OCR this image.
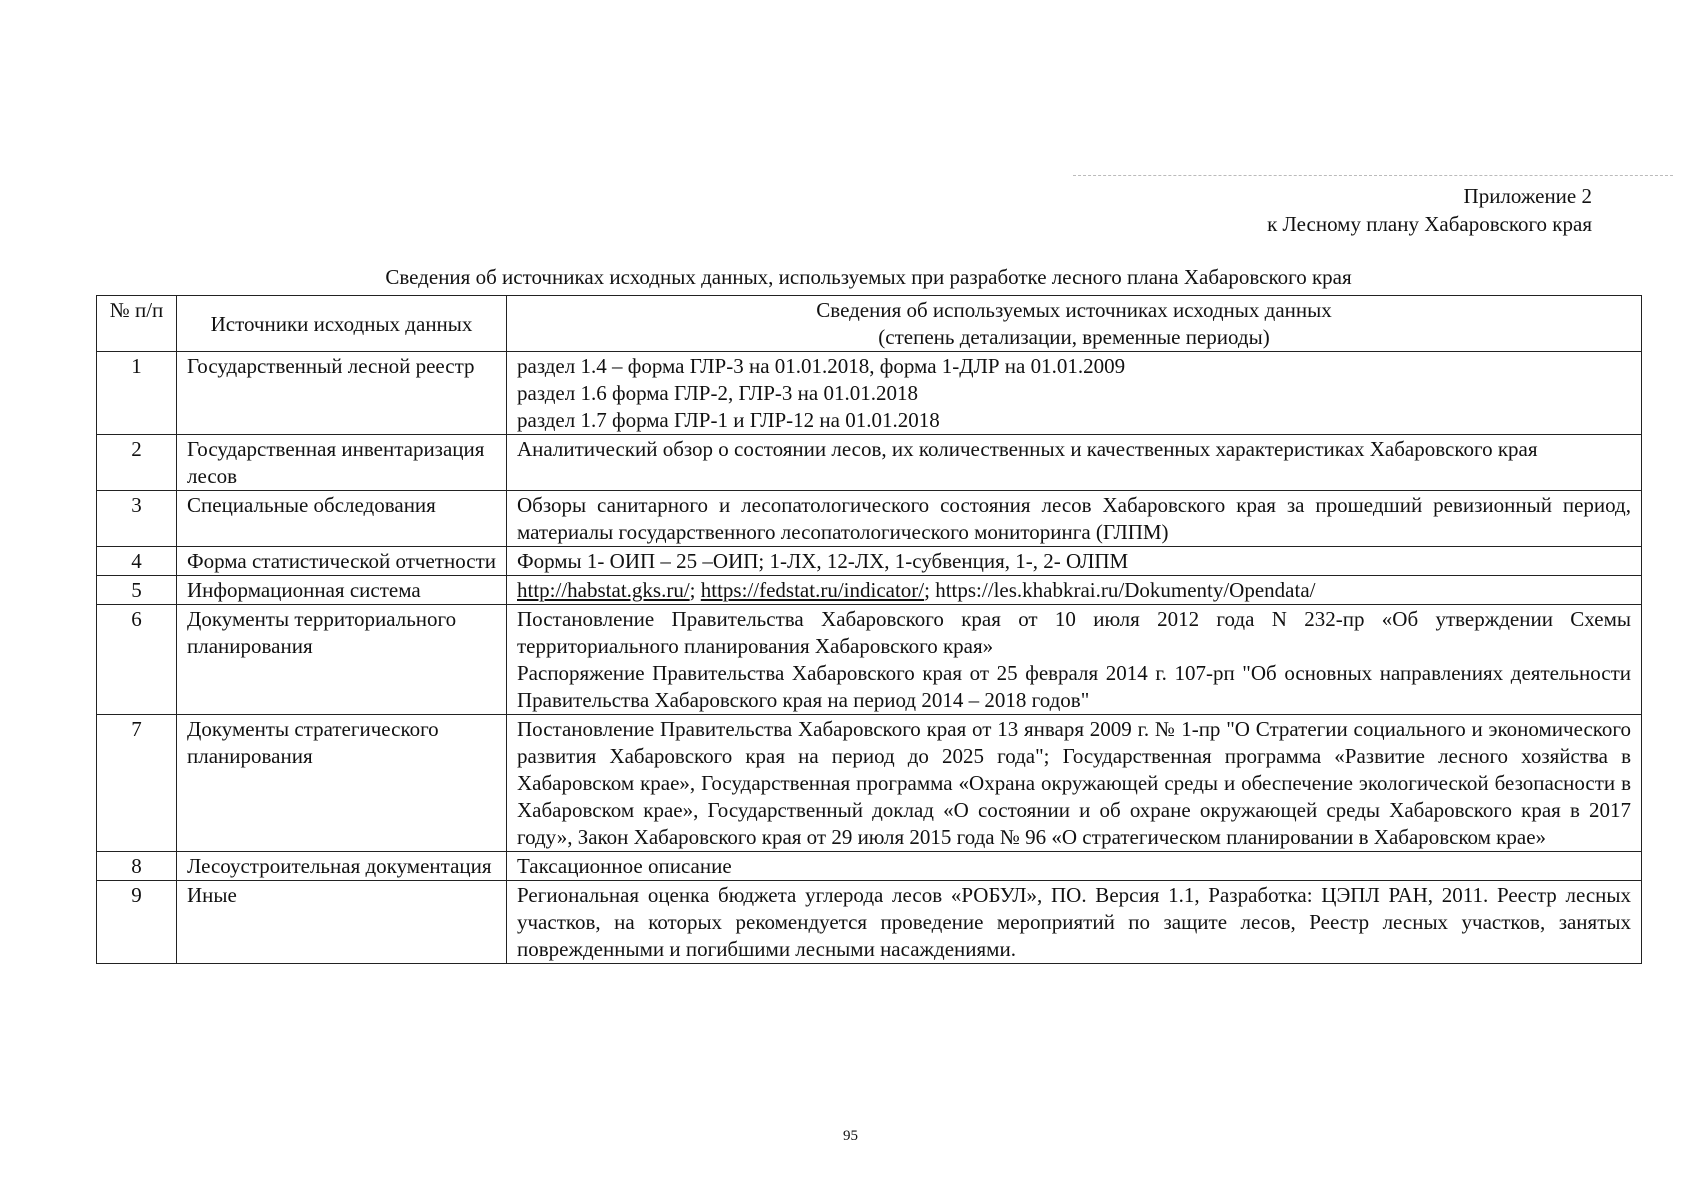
Приложение 2
к Лесному плану Хабаровского края
Сведения об источниках исходных данных, используемых при разработке лесного плана Хабаровского края
№ п/п	Источники исходных данных	Сведения об используемых источниках исходных данных
(степень детализации, временные периоды)

1	Государственный лесной реестр	раздел 1.4 – форма ГЛР-3 на 01.01.2018, форма 1-ДЛР на 01.01.2009
раздел 1.6 форма ГЛР-2, ГЛР-3 на 01.01.2018
раздел 1.7 форма ГЛР-1 и ГЛР-12 на 01.01.2018

2	Государственная инвентаризация лесов	Аналитический обзор о состоянии лесов, их количественных и качественных характеристиках Хабаровского края
3	Специальные обследования	Обзоры санитарного и лесопатологического состояния лесов Хабаровского края за прошедший ревизионный период, материалы государственного лесопатологического мониторинга (ГЛПМ)
4	Форма статистической отчетности	Формы 1- ОИП – 25 –ОИП; 1-ЛХ, 12-ЛХ, 1-субвенция, 1-, 2- ОЛПМ
5	Информационная система	http://habstat.gks.ru/; https://fedstat.ru/indicator/; https://les.khabkrai.ru/Dokumenty/Opendata/
6	Документы территориального планирования	Постановление Правительства Хабаровского края от 10 июля 2012 года N 232-пр «Об утверждении Схемы территориального планирования Хабаровского края»
Распоряжение Правительства Хабаровского края от 25 февраля 2014 г. 107-рп "Об основных направлениях деятельности Правительства Хабаровского края на период 2014 – 2018 годов"

7	Документы стратегического планирования	Постановление Правительства Хабаровского края от 13 января 2009 г. № 1-пр "О Стратегии социального и экономического развития Хабаровского края на период до 2025 года"; Государственная программа «Развитие лесного хозяйства в Хабаровском крае», Государственная программа «Охрана окружающей среды и обеспечение экологической безопасности в Хабаровском крае», Государственный доклад «О состоянии и об охране окружающей среды Хабаровского края в 2017 году», Закон Хабаровского края от 29 июля 2015 года № 96 «О стратегическом планировании в Хабаровском крае»
8	Лесоустроительная документация	Таксационное описание
9	Иные	Региональная оценка бюджета углерода лесов «РОБУЛ», ПО. Версия 1.1, Разработка: ЦЭПЛ РАН, 2011. Реестр лесных участков, на которых рекомендуется проведение мероприятий по защите лесов, Реестр лесных участков, занятых поврежденными и погибшими лесными насаждениями.
95
